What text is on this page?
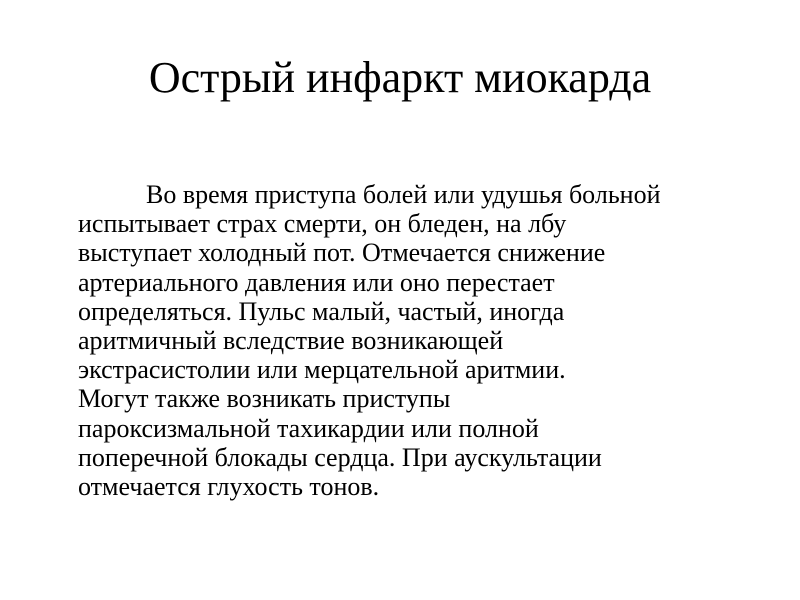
Острый инфаркт миокарда
Во время приступа болей или удушья больной
испытывает страх смерти, он бледен, на лбу
выступает холодный пот. Отмечается снижение
артериального давления или оно перестает
определяться. Пульс малый, частый, иногда
аритмичный вследствие возникающей
экстрасистолии или мерцательной аритмии.
Могут также возникать приступы
пароксизмальной тахикардии или полной
поперечной блокады сердца. При аускультации
отмечается глухость тонов.
